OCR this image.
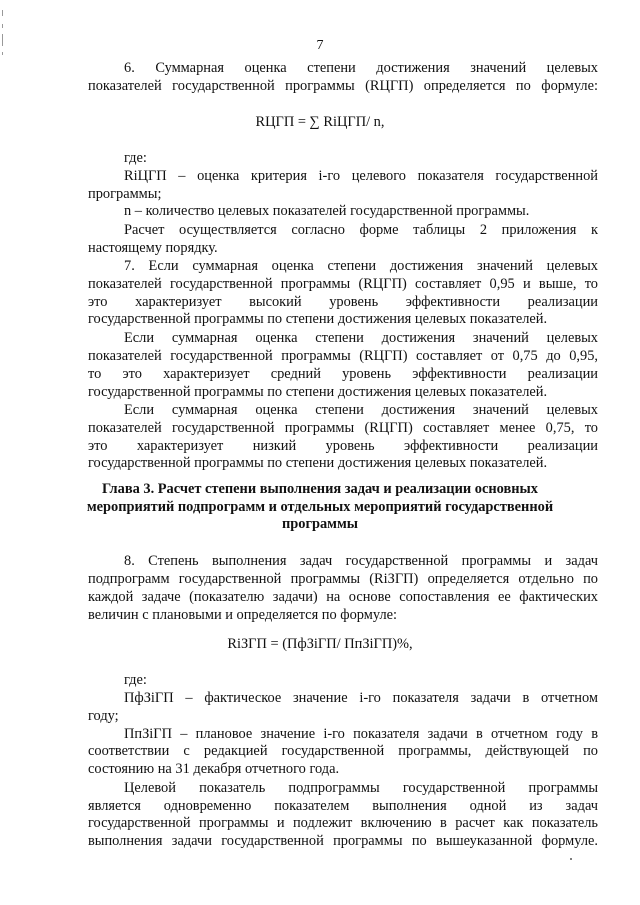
7
6. Суммарная оценка степени достижения значений целевых
показателей государственной программы (RЦГП) определяется по формуле:
RЦГП = ∑ RiЦГП/ n,
где:
RiЦГП – оценка критерия i-го целевого показателя государственной
программы;
n – количество целевых показателей государственной программы.
Расчет осуществляется согласно форме таблицы 2 приложения к
настоящему порядку.
7. Если суммарная оценка степени достижения значений целевых
показателей государственной программы (RЦГП) составляет 0,95 и выше, то
это характеризует высокий уровень эффективности реализации
государственной программы по степени достижения целевых показателей.
Если суммарная оценка степени достижения значений целевых
показателей государственной программы (RЦГП) составляет от 0,75 до 0,95,
то это характеризует средний уровень эффективности реализации
государственной программы по степени достижения целевых показателей.
Если суммарная оценка степени достижения значений целевых
показателей государственной программы (RЦГП) составляет менее 0,75, то
это характеризует низкий уровень эффективности реализации
государственной программы по степени достижения целевых показателей.
Глава 3. Расчет степени выполнения задач и реализации основных
мероприятий подпрограмм и отдельных мероприятий государственной
программы
8. Степень выполнения задач государственной программы и задач
подпрограмм государственной программы (RiЗГП) определяется отдельно по
каждой задаче (показателю задачи) на основе сопоставления ее фактических
величин с плановыми и определяется по формуле:
RiЗГП = (ПфЗiГП/ ПпЗiГП)%,
где:
ПфЗiГП – фактическое значение i-го показателя задачи в отчетном
году;
ПпЗiГП – плановое значение i-го показателя задачи в отчетном году в
соответствии с редакцией государственной программы, действующей по
состоянию на 31 декабря отчетного года.
Целевой показатель подпрограммы государственной программы
является одновременно показателем выполнения одной из задач
государственной программы и подлежит включению в расчет как показатель
выполнения задачи государственной программы по вышеуказанной формуле.
